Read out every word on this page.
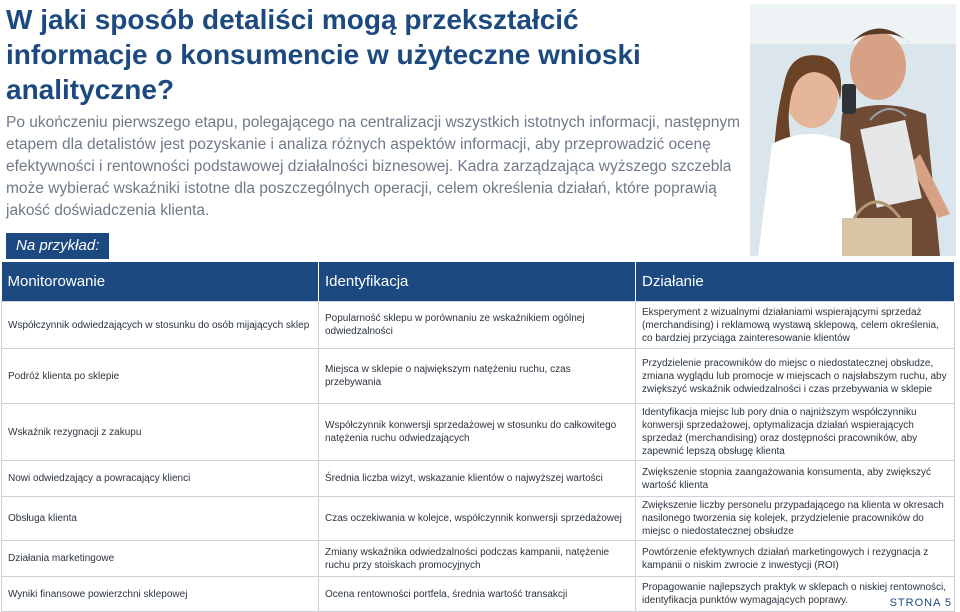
W jaki sposób detaliści mogą przekształcić informacje o konsumencie w użyteczne wnioski analityczne?

Po ukończeniu pierwszego etapu, polegającego na centralizacji wszystkich istotnych informacji, następnym etapem dla detalistów jest pozyskanie i analiza różnych aspektów informacji, aby przeprowadzić ocenę efektywności i rentowności podstawowej działalności biznesowej. Kadra zarządzająca wyższego szczebla może wybierać wskaźniki istotne dla poszczególnych operacji, celem określenia działań, które poprawią jakość doświadczenia klienta.

Na przykład:
Monitorowanie	Identyfikacja	Działanie
Współczynnik odwiedzających w stosunku do osób mijających sklep	Popularność sklepu w porównaniu ze wskaźnikiem ogólnej odwiedzalności	Eksperyment z wizualnymi działaniami wspierającymi sprzedaż (merchandising) i reklamową wystawą sklepową, celem określenia, co bardziej przyciąga zainteresowanie klientów
Podróż klienta po sklepie	Miejsca w sklepie o największym natężeniu ruchu, czas przebywania	Przydzielenie pracowników do miejsc o niedostatecznej obsłudze, zmiana wyglądu lub promocje w miejscach o najsłabszym ruchu, aby zwiększyć wskaźnik odwiedzalności i czas przebywania w sklepie
Wskaźnik rezygnacji z zakupu	Współczynnik konwersji sprzedażowej w stosunku do całkowitego natężenia ruchu odwiedzających	Identyfikacja miejsc lub pory dnia o najniższym współczynniku konwersji sprzedażowej, optymalizacja działań wspierających sprzedaż (merchandising) oraz dostępności pracowników, aby zapewnić lepszą obsługę klienta
Nowi odwiedzający a powracający klienci	Średnia liczba wizyt, wskazanie klientów o najwyższej wartości	Zwiększenie stopnia zaangażowania konsumenta, aby zwiększyć wartość klienta
Obsługa klienta	Czas oczekiwania w kolejce, współczynnik konwersji sprzedażowej	Zwiększenie liczby personelu przypadającego na klienta w okresach nasilonego tworzenia się kolejek, przydzielenie pracowników do miejsc o niedostatecznej obsłudze
Działania marketingowe	Zmiany wskaźnika odwiedzalności podczas kampanii, natężenie ruchu przy stoiskach promocyjnych	Powtórzenie efektywnych działań marketingowych i rezygnacja z kampanii o niskim zwrocie z inwestycji (ROI)
Wyniki finansowe powierzchni sklepowej	Ocena rentowności portfela, średnia wartość transakcji	Propagowanie najlepszych praktyk w sklepach o niskiej rentowności, identyfikacja punktów wymagających poprawy.	STRONA 5
